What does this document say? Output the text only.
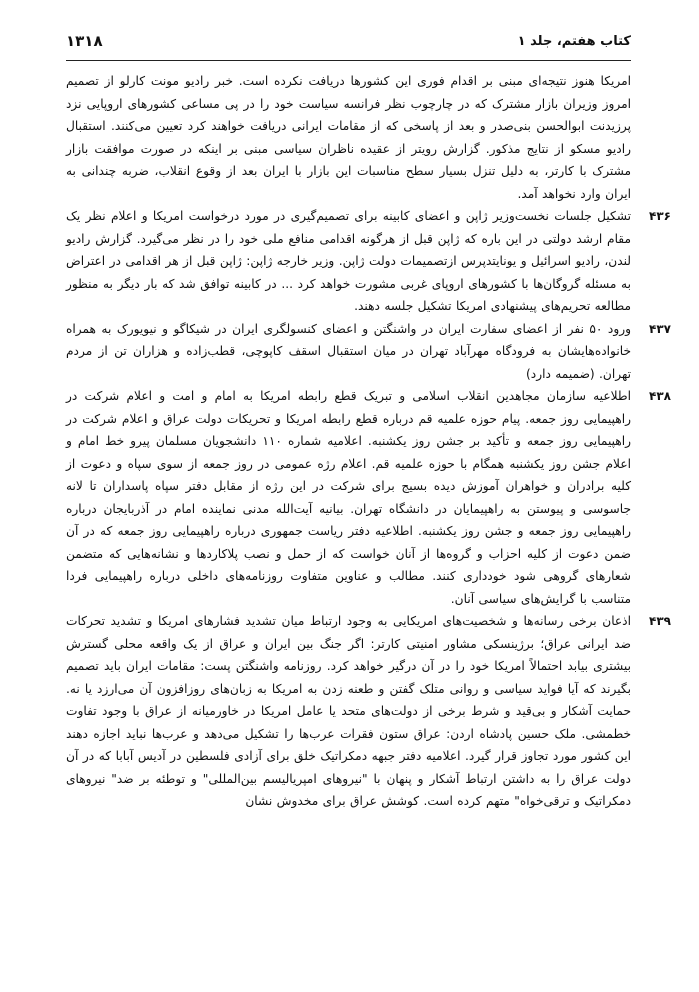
۱۳۱۸	کتاب هفتم، جلد ۱

امریکا هنوز نتیجه‌ای مبنی بر اقدام فوری این کشورها دریافت نکرده است. خبر رادیو مونت کارلو از تصمیم امروز وزیران بازار مشترک که در چارچوب نظر فرانسه سیاست خود را در پی مساعی کشورهای اروپایی نزد پرزیدنت ابوالحسن بنی‌صدر و بعد از پاسخی که از مقامات ایرانی دریافت خواهند کرد تعیین می‌کنند. استقبال رادیو مسکو از نتایج مذکور. گزارش رویتر از عقیده ناظران سیاسی مبنی بر اینکه در صورت موافقت بازار مشترک با کارتر، به دلیل تنزل بسیار سطح مناسبات این بازار با ایران بعد از وقوع انقلاب، ضربه چندانی به ایران وارد نخواهد آمد.

۴۳۶

تشکیل جلسات نخست‌وزیر ژاپن و اعضای کابینه برای تصمیم‌گیری در مورد درخواست امریکا و اعلام نظر یک مقام ارشد دولتی در این باره که ژاپن قبل از هرگونه اقدامی منافع ملی خود را در نظر می‌گیرد. گزارش رادیو لندن، رادیو اسرائیل و یونایتدپرس ازتصمیمات دولت ژاپن. وزیر خارجه ژاپن: ژاپن قبل از هر اقدامی در اعتراض به مسئله گروگان‌ها با کشورهای اروپای غربی مشورت خواهد کرد ... در کابینه توافق شد که بار دیگر به منظور مطالعه تحریم‌های پیشنهادی امریکا تشکیل جلسه دهند.

۴۳۷

ورود ۵۰ نفر از اعضای سفارت ایران در واشنگتن و اعضای کنسولگری ایران در شیکاگو و نیویورک به همراه خانواده‌هایشان به فرودگاه مهرآباد تهران در میان استقبال اسقف کاپوچی، قطب‌زاده و هزاران تن از مردم تهران. (ضمیمه دارد)

۴۳۸

اطلاعیه سازمان مجاهدین انقلاب اسلامی و تبریک قطع رابطه امریکا به امام و امت و اعلام شرکت در راهپیمایی روز جمعه. پیام حوزه علمیه قم درباره قطع رابطه امریکا و تحریکات دولت عراق و اعلام شرکت در راهپیمایی روز جمعه و تأکید بر جشن روز یکشنبه. اعلامیه شماره ۱۱۰ دانشجویان مسلمان پیرو خط امام و اعلام جشن روز یکشنبه همگام با حوزه علمیه قم. اعلام رژه عمومی در روز جمعه از سوی سپاه و دعوت از کلیه برادران و خواهران آموزش دیده بسیج برای شرکت در این رژه از مقابل دفتر سپاه پاسداران تا لانه جاسوسی و پیوستن به راهپیمایان در دانشگاه تهران. بیانیه آیت‌الله مدنی نماینده امام در آذربایجان درباره راهپیمایی روز جمعه و جشن روز یکشنبه. اطلاعیه دفتر ریاست جمهوری درباره راهپیمایی روز جمعه که در آن ضمن دعوت از کلیه احزاب و گروه‌ها از آنان خواست که از حمل و نصب پلاکاردها و نشانه‌هایی که متضمن شعارهای گروهی شود خودداری کنند. مطالب و عناوین متفاوت روزنامه‌های داخلی درباره راهپیمایی فردا متناسب با گرایش‌های سیاسی آنان.

۴۳۹

اذعان برخی رسانه‌ها و شخصیت‌های امریکایی به وجود ارتباط میان تشدید فشارهای امریکا و تشدید تحرکات ضد ایرانی عراق؛ برژینسکی مشاور امنیتی کارتر: اگر جنگ بین ایران و عراق از یک واقعه محلی گسترش بیشتری بیابد احتمالاً امریکا خود را در آن درگیر خواهد کرد. روزنامه واشنگتن پست: مقامات ایران باید تصمیم بگیرند که آیا فواید سیاسی و روانی متلک گفتن و طعنه زدن به امریکا به زبان‌های روزافزون آن می‌ارزد یا نه. حمایت آشکار و بی‌قید و شرط برخی از دولت‌های متحد یا عامل امریکا در خاورمیانه از عراق با وجود تفاوت خطمشی. ملک حسین پادشاه اردن: عراق ستون فقرات عرب‌ها را تشکیل می‌دهد و عرب‌ها نباید اجازه دهند این کشور مورد تجاوز قرار گیرد. اعلامیه دفتر جبهه دمکراتیک خلق برای آزادی فلسطین در آدیس آبابا که در آن دولت عراق را به داشتن ارتباط آشکار و پنهان با "نیروهای امپریالیسم بین‌المللی" و توطئه بر ضد" نیروهای دمکراتیک و ترقی‌خواه" متهم کرده است. کوشش عراق برای مخدوش نشان
